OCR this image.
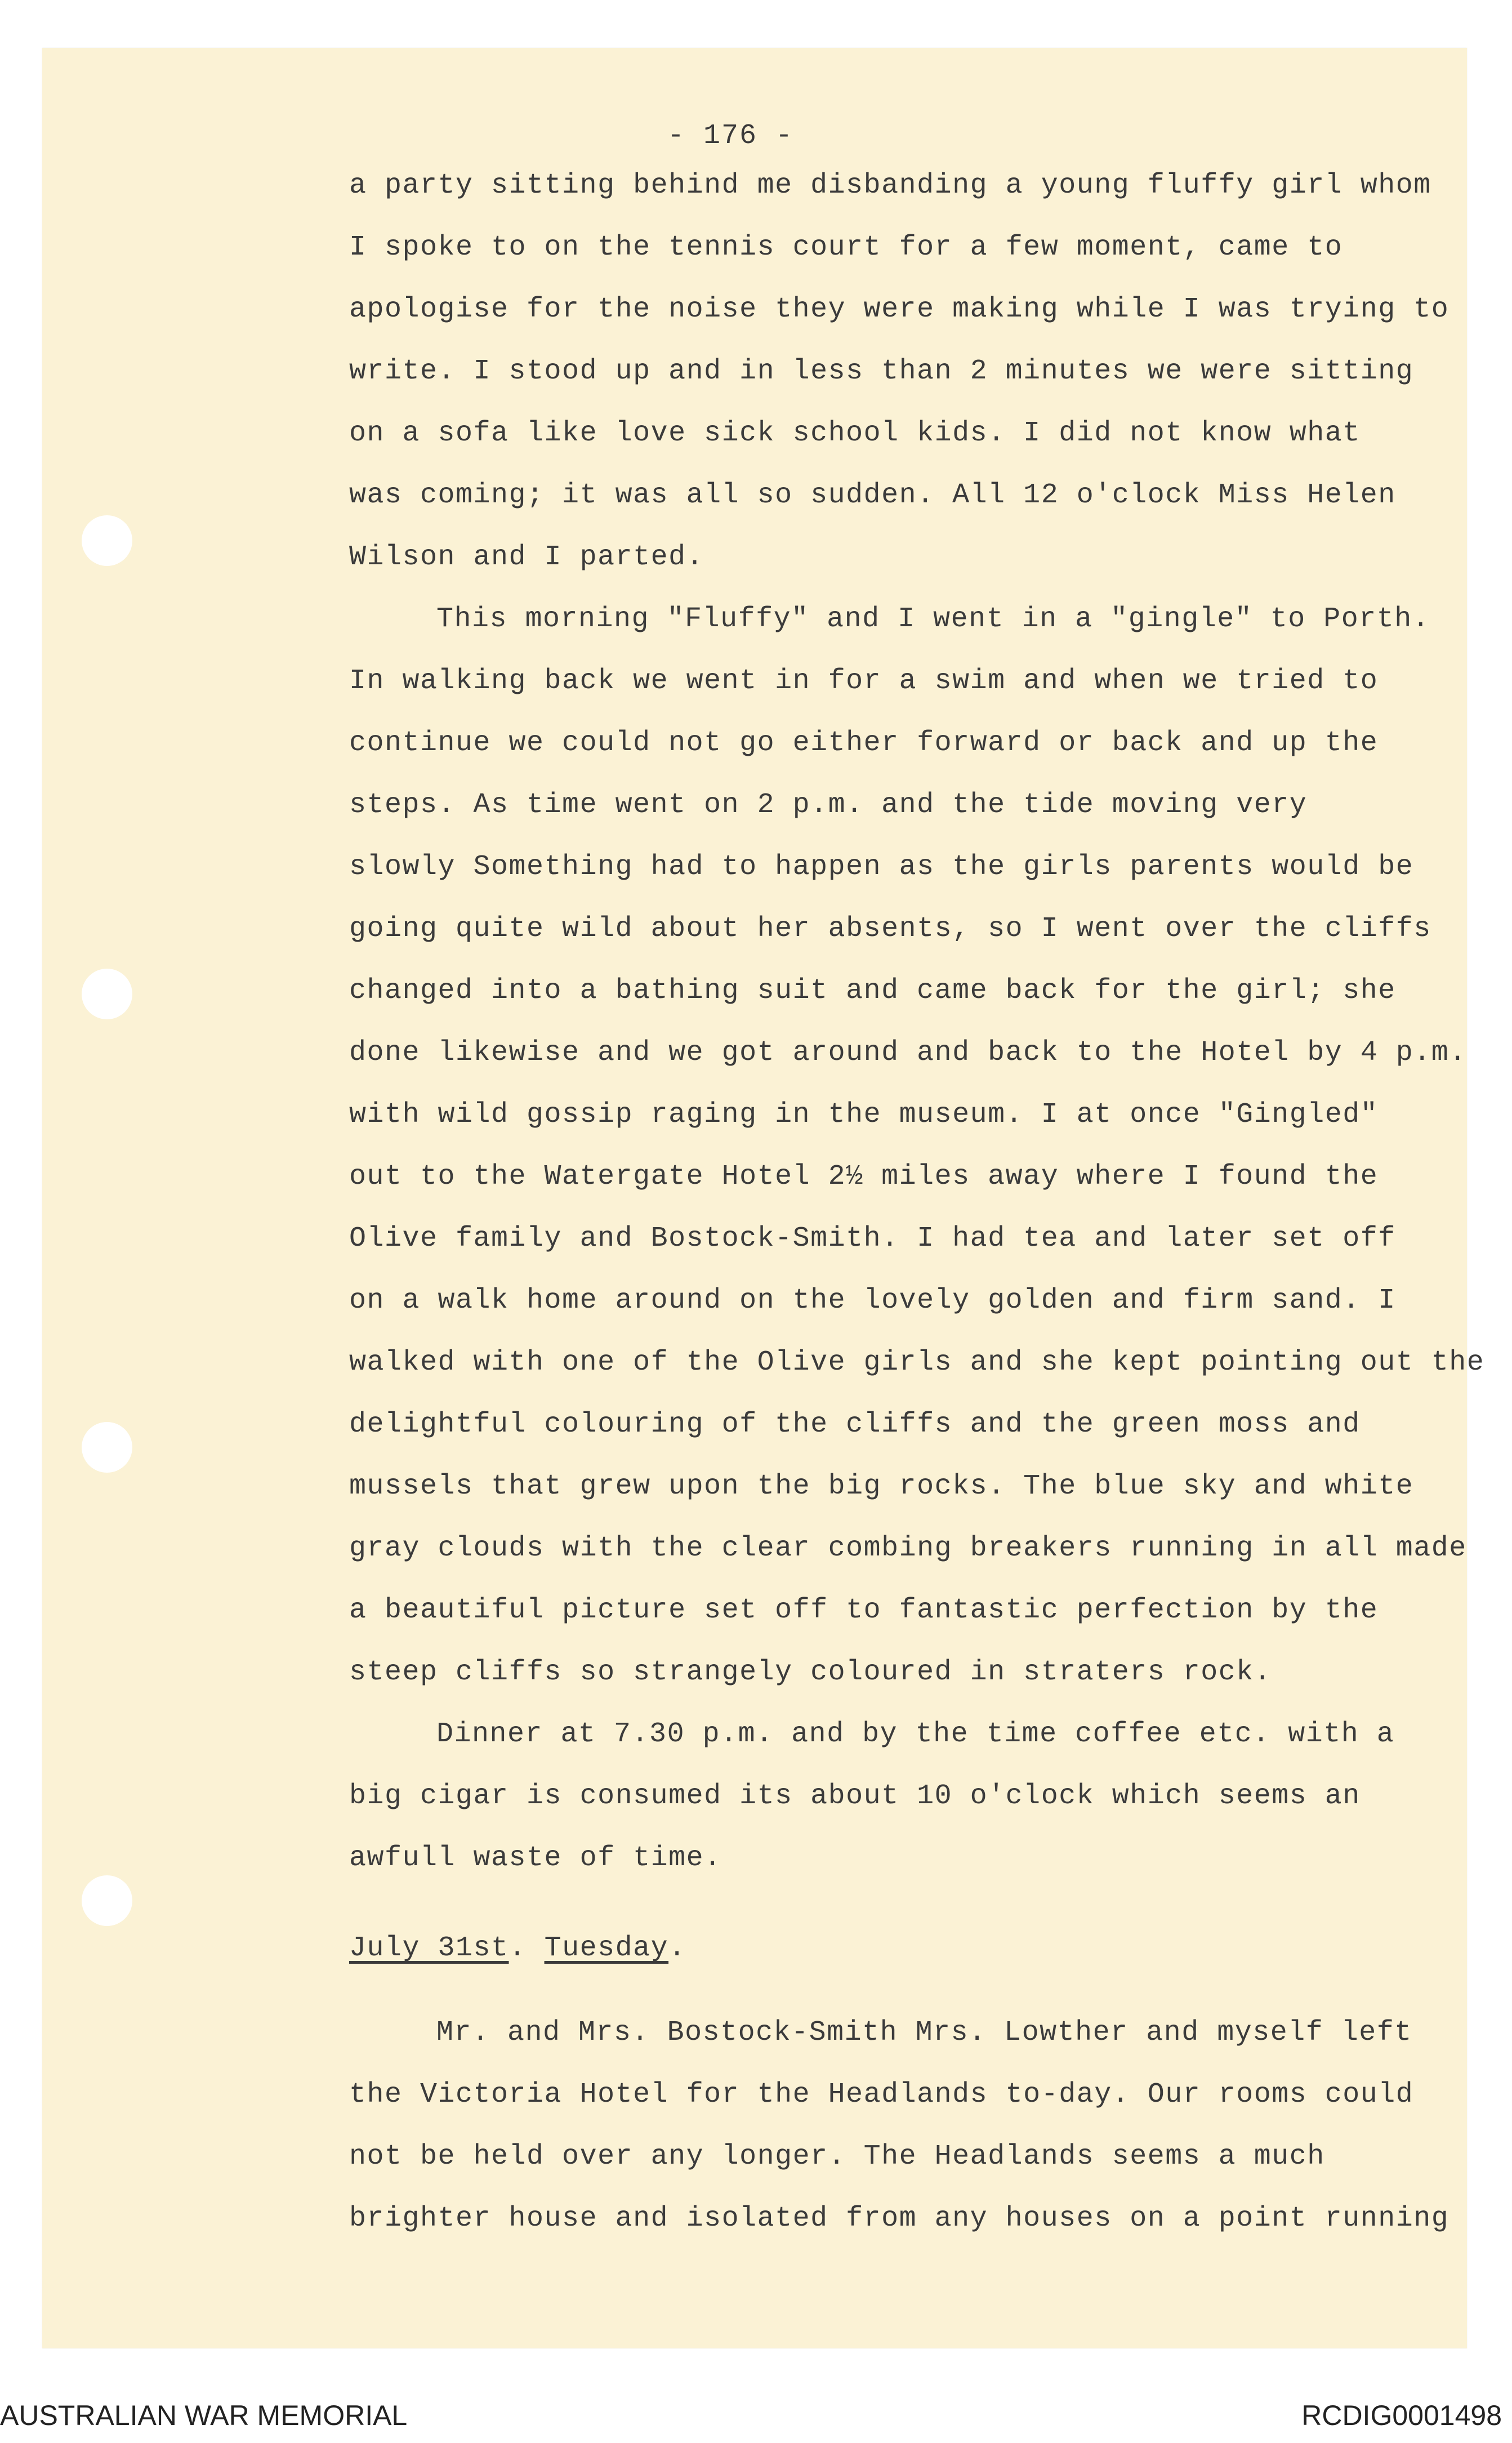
- 176 -
a party sitting behind me disbanding a young fluffy girl whom
I spoke to on the tennis court for a few moment, came to
apologise for the noise they were making while I was trying to
write. I stood up and in less than 2 minutes we were sitting
on a sofa like love sick school kids. I did not know what
was coming; it was all so sudden. All 12 o'clock Miss Helen
Wilson and I parted.
This morning "Fluffy" and I went in a "gingle" to Porth.
In walking back we went in for a swim and when we tried to
continue we could not go either forward or back and up the
steps. As time went on 2 p.m. and the tide moving very
slowly Something had to happen as the girls parents would be
going quite wild about her absents, so I went over the cliffs
changed into a bathing suit and came back for the girl; she
done likewise and we got around and back to the Hotel by 4 p.m.
with wild gossip raging in the museum. I at once "Gingled"
out to the Watergate Hotel 2½ miles away where I found the
Olive family and Bostock-Smith. I had tea and later set off
on a walk home around on the lovely golden and firm sand. I
walked with one of the Olive girls and she kept pointing out the
delightful colouring of the cliffs and the green moss and
mussels that grew upon the big rocks. The blue sky and white
gray clouds with the clear combing breakers running in all made
a beautiful picture set off to fantastic perfection by the
steep cliffs so strangely coloured in straters rock.
Dinner at 7.30 p.m. and by the time coffee etc. with a
big cigar is consumed its about 10 o'clock which seems an
awfull waste of time.
July 31st. Tuesday.
Mr. and Mrs. Bostock-Smith Mrs. Lowther and myself left
the Victoria Hotel for the Headlands to-day. Our rooms could
not be held over any longer. The Headlands seems a much
brighter house and isolated from any houses on a point running
AUSTRALIAN WAR MEMORIAL	RCDIG0001498
